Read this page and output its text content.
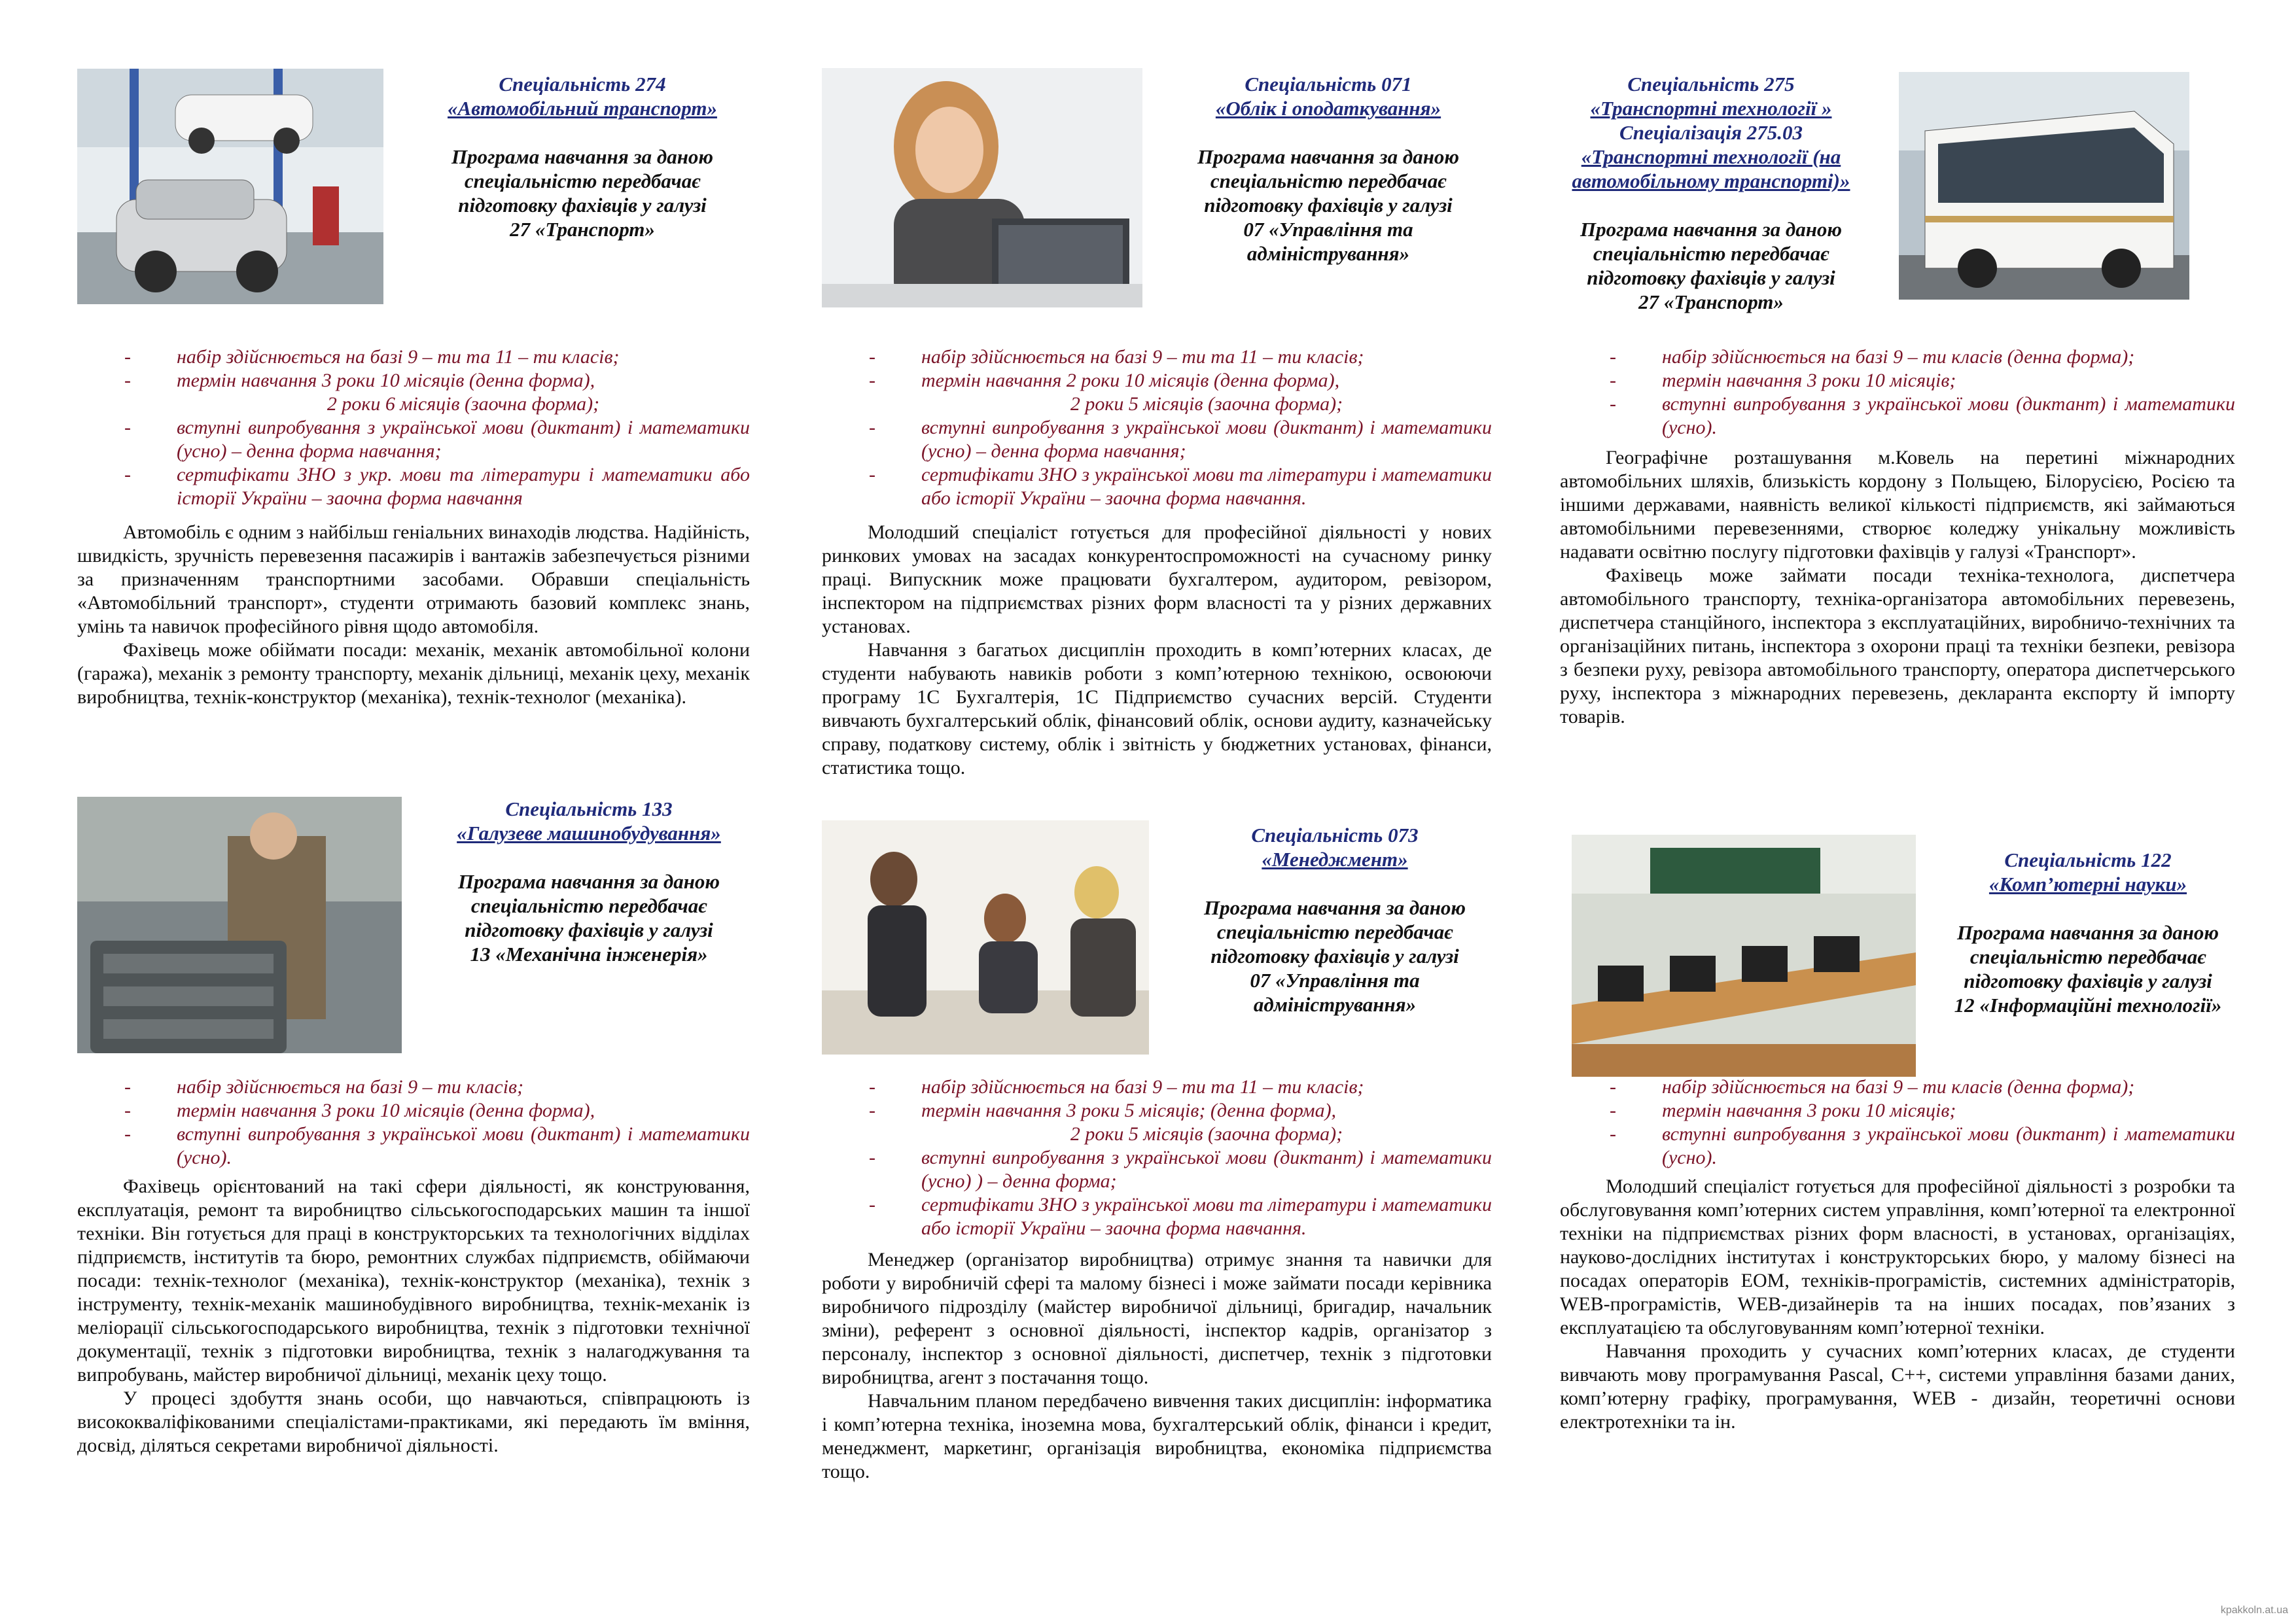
Спеціальність 274
«Автомобільний транспорт»
Програма навчання за даною
спеціальністю передбачає
підготовку фахівців у галузі
27 «Транспорт»
- набір здійснюється на базі 9 – ти та 11 – ти класів;
- термін навчання 3 роки 10 місяців (денна форма),
2 роки 6 місяців (заочна форма);
- вступні випробування з української мови (диктант) і математики (усно) – денна форма навчання;
- сертифікати ЗНО з укр. мови та літератури і математики або історії України – заочна форма навчання

Автомобіль є одним з найбільш геніальних винаходів людства. Надійність, швидкість, зручність перевезення пасажирів і вантажів забезпечується різними за призначенням транспортними засобами. Обравши спеціальність «Автомобільний транспорт», студенти отримають базовий комплекс знань, умінь та навичок професійного рівня щодо автомобіля.

Фахівець може обіймати посади: механік, механік автомобільної колони (гаража), механік з ремонту транспорту, механік дільниці, механік цеху, механік виробництва, технік-конструктор (механіка), технік-технолог (механіка).

Спеціальність 133
«Галузеве машинобудування»
Програма навчання за даною
спеціальністю передбачає
підготовку фахівців у галузі
13 «Механічна інженерія»
- набір здійснюється на базі 9 – ти класів;
- термін навчання 3 роки 10 місяців (денна форма),
- вступні випробування з української мови (диктант) і математики (усно).

Фахівець орієнтований на такі сфери діяльності, як конструювання, експлуатація, ремонт та виробництво сільськогосподарських машин та іншої техніки. Він готується для праці в конструкторських та технологічних відділах підприємств, інститутів та бюро, ремонтних службах підприємств, обіймаючи посади: технік-технолог (механіка), технік-конструктор (механіка), технік з інструменту, технік-механік машинобудівного виробництва, технік-механік із меліорації сільськогосподарського виробництва, технік з підготовки технічної документації, технік з підготовки виробництва, технік з налагоджування та випробувань, майстер виробничої дільниці, механік цеху тощо.

У процесі здобуття знань особи, що навчаються, співпрацюють із висококваліфікованими спеціалістами-практиками, які передають їм вміння, досвід, діляться секретами виробничої діяльності.

Спеціальність 071
«Облік і оподаткування»
Програма навчання за даною
спеціальністю передбачає
підготовку фахівців у галузі
07 «Управління та
адміністрування»
- набір здійснюється на базі 9 – ти та 11 – ти класів;
- термін навчання 2 роки 10 місяців (денна форма),
2 роки 5 місяців (заочна форма);
- вступні випробування з української мови (диктант) і математики (усно) – денна форма навчання;
- сертифікати ЗНО з української мови та літератури і математики або історії України – заочна форма навчання.

Молодший спеціаліст готується для професійної діяльності у нових ринкових умовах на засадах конкурентоспроможності на сучасному ринку праці. Випускник може працювати бухгалтером, аудитором, ревізором, інспектором на підприємствах різних форм власності та у різних державних установах.

Навчання з багатьох дисциплін проходить в комп’ютерних класах, де студенти набувають навиків роботи з комп’ютерною технікою, освоюючи програму 1С Бухгалтерія, 1С Підприємство сучасних версій. Студенти вивчають бухгалтерський облік, фінансовий облік, основи аудиту, казначейську справу, податкову систему, облік і звітність у бюджетних установах, фінанси, статистика тощо.

Спеціальність 073
«Менеджмент»
Програма навчання за даною
спеціальністю передбачає
підготовку фахівців у галузі
07 «Управління та
адміністрування»
- набір здійснюється на базі 9 – ти та 11 – ти класів;
- термін навчання 3 роки 5 місяців; (денна форма),
2 роки 5 місяців (заочна форма);
- вступні випробування з української мови (диктант) і математики (усно) ) – денна форма;
- сертифікати ЗНО з української мови та літератури і математики або історії України – заочна форма навчання.

Менеджер (організатор виробництва) отримує знання та навички для роботи у виробничій сфері та малому бізнесі і може займати посади керівника виробничого підрозділу (майстер виробничої дільниці, бригадир, начальник зміни), референт з основної діяльності, інспектор кадрів, організатор з персоналу, інспектор з основної діяльності, диспетчер, технік з підготовки виробництва, агент з постачання тощо.

Навчальним планом передбачено вивчення таких дисциплін: інформатика і комп’ютерна техніка, іноземна мова, бухгалтерський облік, фінанси і кредит, менеджмент, маркетинг, організація виробництва, економіка підприємства тощо.

Спеціальність 275
«Транспортні технології »
Спеціалізація 275.03
«Транспортні технології (на автомобільному транспорті)»
Програма навчання за даною
спеціальністю передбачає
підготовку фахівців у галузі
27 «Транспорт»
- набір здійснюється на базі 9 – ти класів (денна форма);
- термін навчання 3 роки 10 місяців;
- вступні випробування з української мови (диктант) і математики (усно).

Географічне розташування м.Ковель на перетині міжнародних автомобільних шляхів, близькість кордону з Польщею, Білорусією, Росією та іншими державами, наявність великої кількості підприємств, які займаються автомобільними перевезеннями, створює коледжу унікальну можливість надавати освітню послугу підготовки фахівців у галузі «Транспорт».

Фахівець може займати посади техніка-технолога, диспетчера автомобільного транспорту, техніка-організатора автомобільних перевезень, диспетчера станційного, інспектора з експлуатаційних, виробничо-технічних та організаційних питань, інспектора з охорони праці та техніки безпеки, ревізора з безпеки руху, ревізора автомобільного транспорту, оператора диспетчерського руху, інспектора з міжнародних перевезень, декларанта експорту й імпорту товарів.

Спеціальність 122
«Комп’ютерні науки»
Програма навчання за даною
спеціальністю передбачає
підготовку фахівців у галузі
12 «Інформаційні технології»
- набір здійснюється на базі 9 – ти класів (денна форма);
- термін навчання 3 роки 10 місяців;
- вступні випробування з української мови (диктант) і математики (усно).

Молодший спеціаліст готується для професійної діяльності з розробки та обслуговування комп’ютерних систем управління, комп’ютерної та електронної техніки на підприємствах різних форм власності, в установах, організаціях, науково-дослідних інститутах і конструкторських бюро, у малому бізнесі на посадах операторів ЕОМ, техніків-програмістів, системних адміністраторів, WEB-програмістів, WEB-дизайнерів та на інших посадах, пов’язаних з експлуатацією та обслуговуванням комп’ютерної техніки.

Навчання проходить у сучасних комп’ютерних класах, де студенти вивчають мову програмування Pascal, C++, системи управління базами даних, комп’ютерну графіку, програмування, WEB - дизайн, теоретичні основи електротехніки та ін.

kpakkoln.at.ua
